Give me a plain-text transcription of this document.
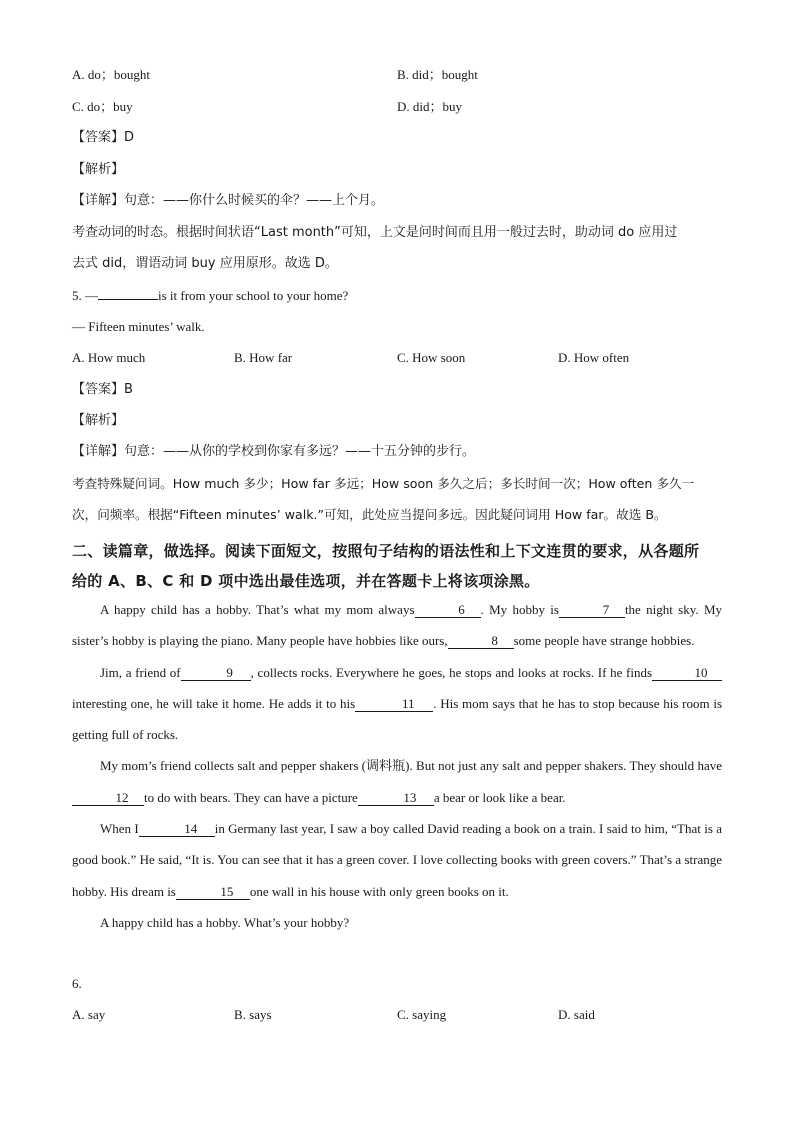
A. do；bought	B. did；bought
C. do；buy	D. did；buy
【答案】D
【解析】
【详解】句意：——你什么时候买的伞？——上个月。
考查动词的时态。根据时间状语“Last month”可知，上文是问时间而且用一般过去时，助动词 do 应用过
去式 did，谓语动词 buy 应用原形。故选 D。
5. —	is it from your school to your home?
— Fifteen minutes’ walk.
A. How much	B. How far	C. How soon	D. How often
【答案】B
【解析】
【详解】句意：——从你的学校到你家有多远？——十五分钟的步行。
考查特殊疑问词。How much 多少；How far 多远；How soon 多久之后；多长时间一次；How often 多久一
次，问频率。根据“Fifteen minutes’ walk.”可知，此处应当提问多远。因此疑问词用 How far。故选 B。
二、读篇章，做选择。阅读下面短文，按照句子结构的语法性和上下文连贯的要求，从各题所
给的 A、B、C 和 D 项中选出最佳选项，并在答题卡上将该项涂黑。

A happy child has a hobby. That’s what my mom always	6 . My hobby is	7 the night sky. My sister’s hobby is playing the piano. Many people have hobbies like ours,	8 some people have strange hobbies.

Jim, a friend of	9 , collects rocks. Everywhere he goes, he stops and looks at rocks. If he finds	10interesting one, he will take it home. He adds it to his	11 . His mom says that he has to stop because his room is getting full of rocks.

My mom’s friend collects salt and pepper shakers (调料瓶). But not just any salt and pepper shakers. They should have12 to do with bears. They can have a picture	13 a bear or look like a bear.

When I	14 in Germany last year, I saw a boy called David reading a book on a train. I said to him, “That is a good book.” He said, “It is. You can see that it has a green cover. I love collecting books with green covers.” That’s a strange hobby. His dream is	15 one wall in his house with only green books on it.

A happy child has a hobby. What’s your hobby?

6.
A. say	B. says	C. saying	D. said
